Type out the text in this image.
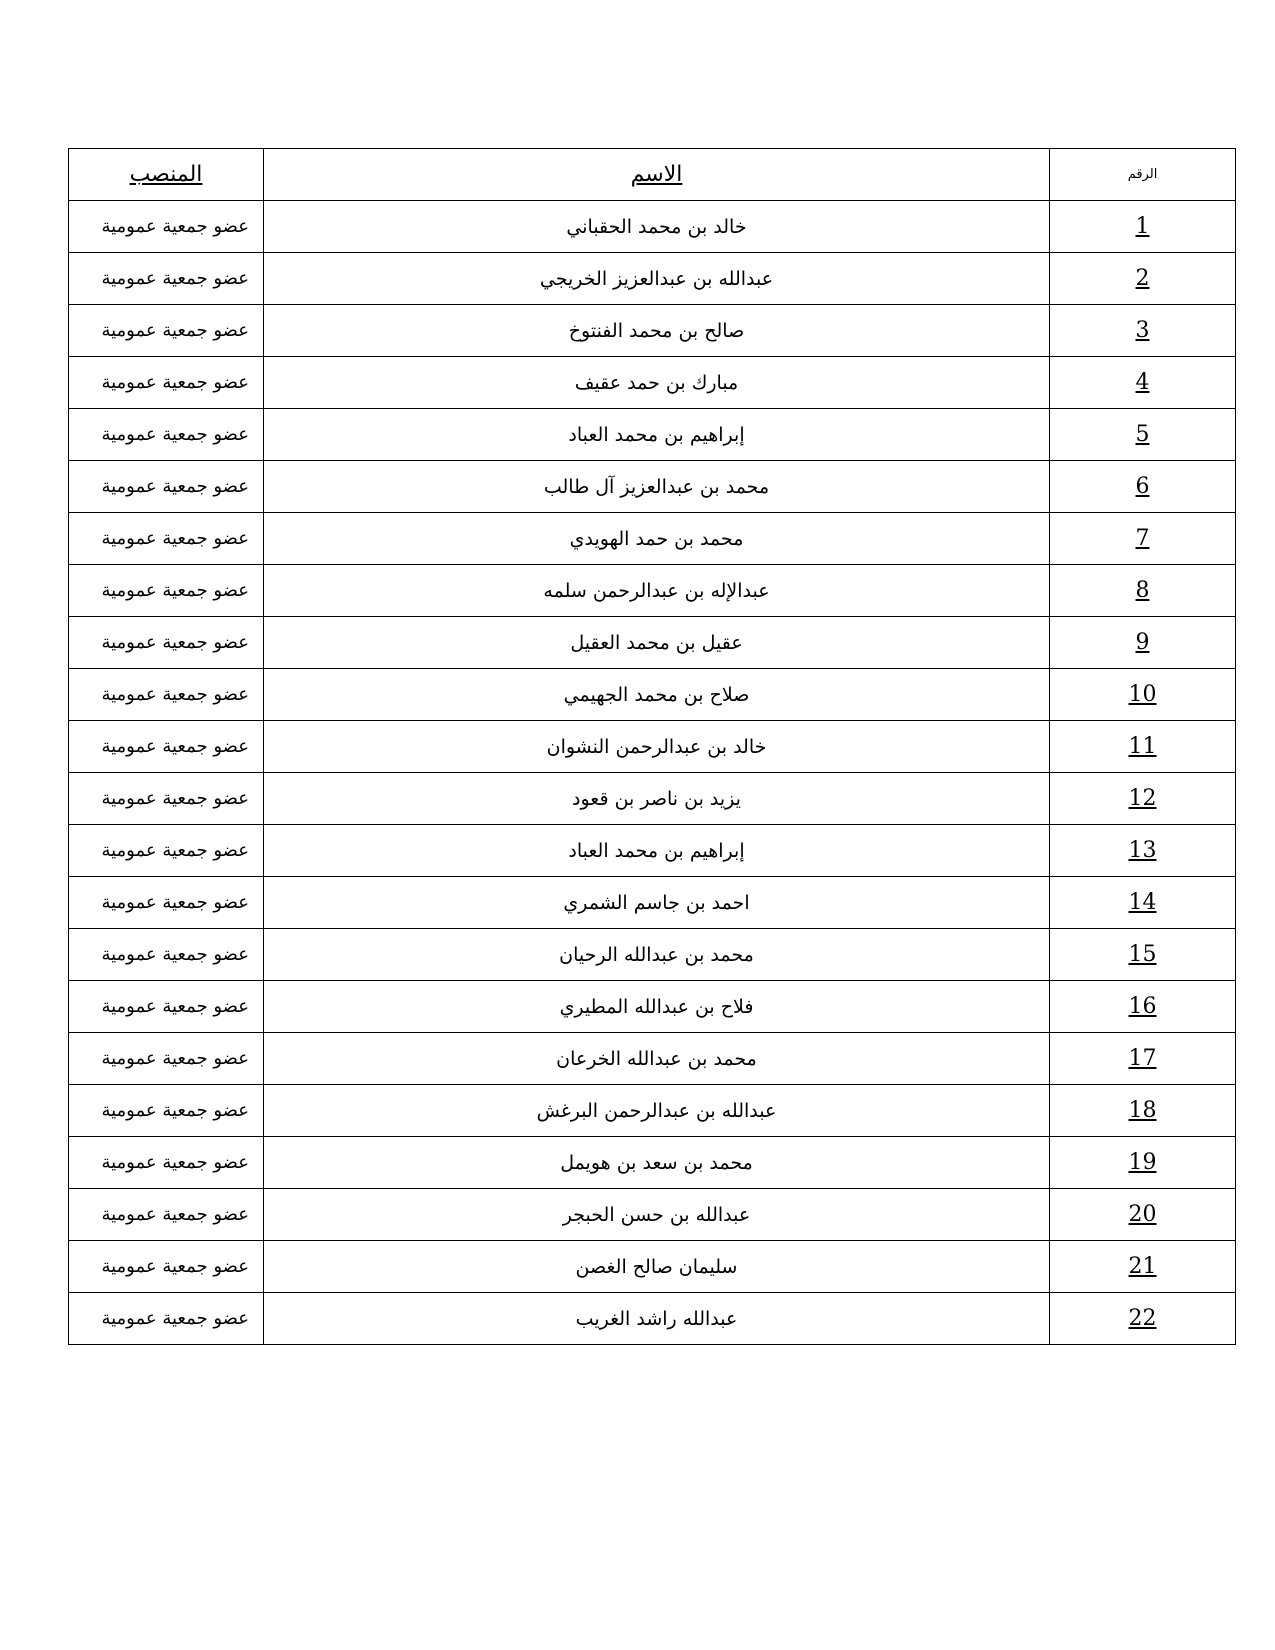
الرقم	الاسم	المنصب
1	خالد بن محمد الحقباني	عضو جمعية عمومية
2	عبدالله بن عبدالعزيز الخريجي	عضو جمعية عمومية
3	صالح بن محمد الفنتوخ	عضو جمعية عمومية
4	مبارك بن حمد عقيف	عضو جمعية عمومية
5	إبراهيم بن محمد العباد	عضو جمعية عمومية
6	محمد بن عبدالعزيز آل طالب	عضو جمعية عمومية
7	محمد بن حمد الهويدي	عضو جمعية عمومية
8	عبدالإله بن عبدالرحمن سلمه	عضو جمعية عمومية
9	عقيل بن محمد العقيل	عضو جمعية عمومية
10	صلاح بن محمد الجهيمي	عضو جمعية عمومية
11	خالد بن عبدالرحمن النشوان	عضو جمعية عمومية
12	يزيد بن ناصر بن قعود	عضو جمعية عمومية
13	إبراهيم بن محمد العباد	عضو جمعية عمومية
14	احمد بن جاسم الشمري	عضو جمعية عمومية
15	محمد بن عبدالله الرحيان	عضو جمعية عمومية
16	فلاح بن عبدالله المطيري	عضو جمعية عمومية
17	محمد بن عبدالله الخرعان	عضو جمعية عمومية
18	عبدالله بن عبدالرحمن البرغش	عضو جمعية عمومية
19	محمد بن سعد بن هويمل	عضو جمعية عمومية
20	عبدالله بن حسن الحبجر	عضو جمعية عمومية
21	سليمان صالح الغصن	عضو جمعية عمومية
22	عبدالله راشد الغريب	عضو جمعية عمومية
